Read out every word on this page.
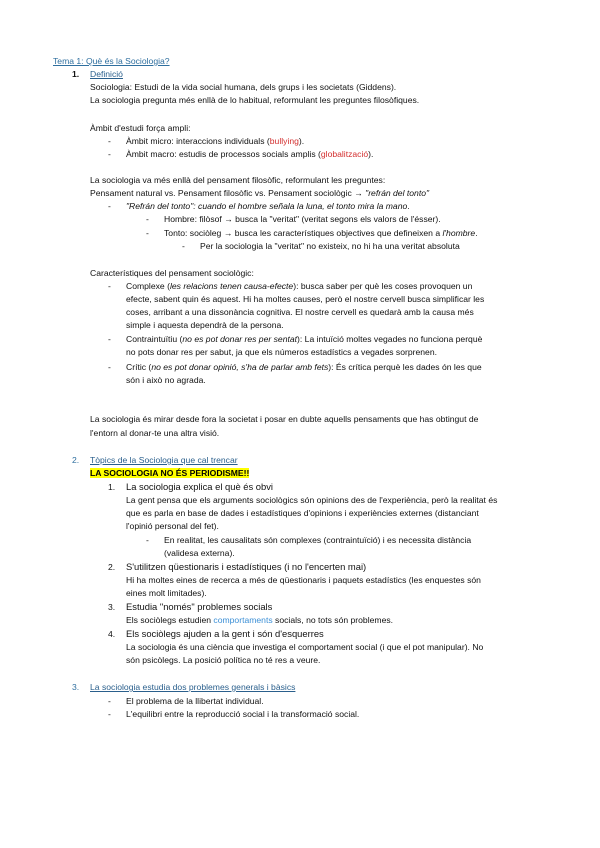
Tema 1: Què és la Sociologia?
1. Definició
Sociologia: Estudi de la vida social humana, dels grups i les societats (Giddens).
La sociologia pregunta més enllà de lo habitual, reformulant les preguntes filosòfiques.
Àmbit d'estudi força ampli:
- Àmbit micro: interaccions individuals (bullying).
- Àmbit macro: estudis de processos socials amplis (globalització).
La sociologia va més enllà del pensament filosòfic, reformulant les preguntes:
Pensament natural vs. Pensament filosòfic vs. Pensament sociològic → "refrán del tonto"
- "Refrán del tonto": cuando el hombre señala la luna, el tonto mira la mano.
- Hombre: filòsof → busca la "veritat" (veritat segons els valors de l'ésser).
- Tonto: sociòleg → busca les característiques objectives que defineixen a l'hombre.
- Per la sociologia la "veritat" no existeix, no hi ha una veritat absoluta
Característiques del pensament sociològic:
- Complexe (les relacions tenen causa-efecte): busca saber per què les coses provoquen un
efecte, sabent quin és aquest. Hi ha moltes causes, però el nostre cervell busca simplificar les
coses, arribant a una dissonància cognitiva. El nostre cervell es quedarà amb la causa més
simple i aquesta dependrà de la persona.
- Contraintuïtiu (no es pot donar res per sentat): La intuïció moltes vegades no funciona perquè
no pots donar res per sabut, ja que els números estadístics a vegades sorprenen.
- Crític (no es pot donar opinió, s'ha de parlar amb fets): És crítica perquè les dades ón les que
són i això no agrada.
La sociologia és mirar desde fora la societat i posar en dubte aquells pensaments que has obtingut de
l'entorn al donar-te una altra visió.
2. Tòpics de la Sociologia que cal trencar
LA SOCIOLOGIA NO ÉS PERIODISME!!
1. La sociologia explica el què és obvi
La gent pensa que els arguments sociològics són opinions des de l'experiència, però la realitat és
que es parla en base de dades i estadístiques d'opinions i experiències externes (distanciant
l'opinió personal del fet).
- En realitat, les causalitats són complexes (contraintuïció) i es necessita distància
(validesa externa).
2. S'utilitzen qüestionaris i estadístiques (i no l'encerten mai)
Hi ha moltes eines de recerca a més de qüestionaris i paquets estadístics (les enquestes són
eines molt limitades).
3. Estudia "només" problemes socials
Els sociòlegs estudien comportaments socials, no tots són problemes.
4. Els sociòlegs ajuden a la gent i són d'esquerres
La sociologia és una ciència que investiga el comportament social (i que el pot manipular). No
són psicòlegs. La posició política no té res a veure.
3. La sociologia estudia dos problemes generals i bàsics
- El problema de la llibertat individual.
- L'equilibri entre la reproducció social i la transformació social.
